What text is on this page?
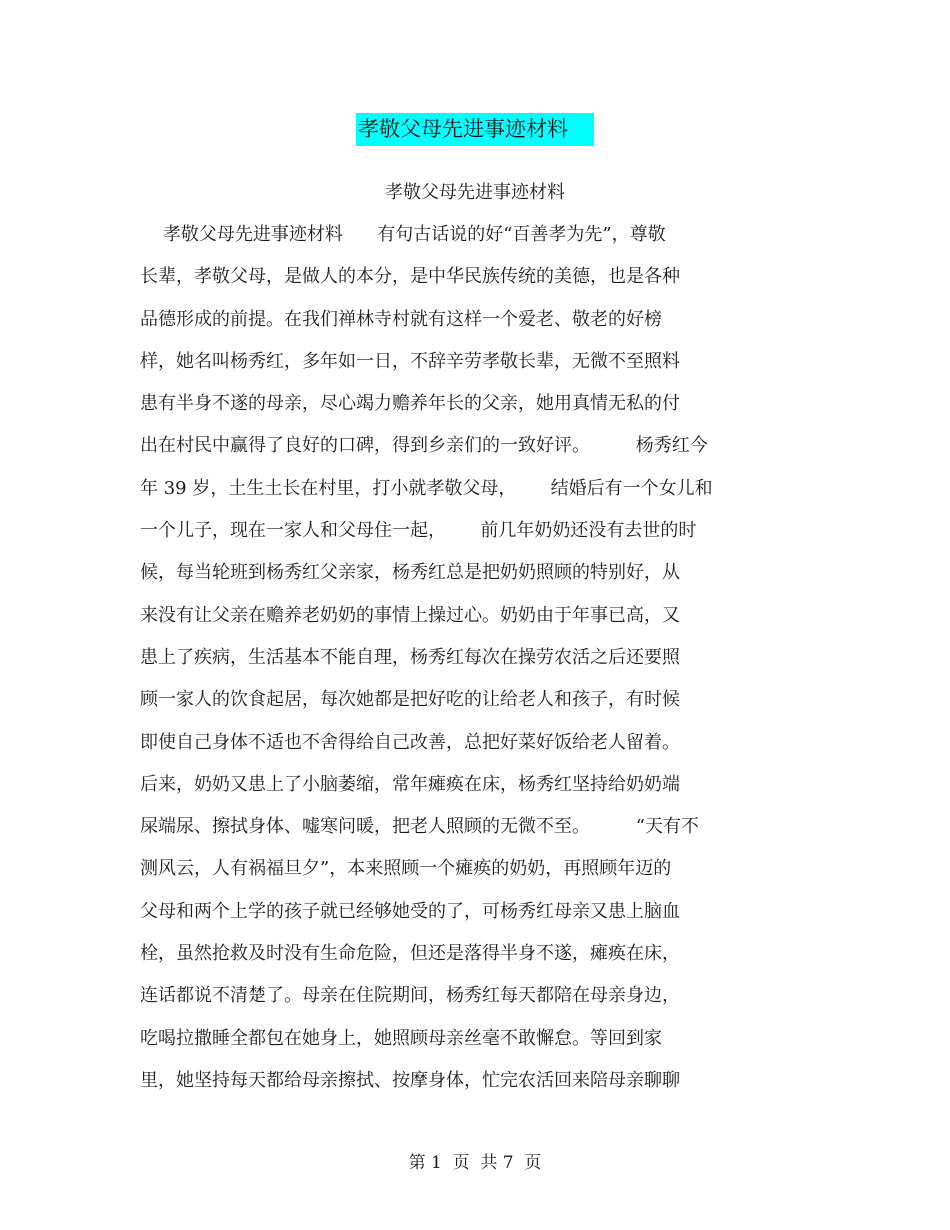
孝敬父母先进事迹材料
孝敬父母先进事迹材料
孝敬父母先进事迹材料      有句古话说的好“百善孝为先”，尊敬
长辈，孝敬父母，是做人的本分，是中华民族传统的美德，也是各种
品德形成的前提。在我们禅林寺村就有这样一个爱老、敬老的好榜
样，她名叫杨秀红，多年如一日，不辞辛劳孝敬长辈，无微不至照料
患有半身不遂的母亲，尽心竭力赡养年长的父亲，她用真情无私的付
出在村民中赢得了良好的口碑，得到乡亲们的一致好评。        杨秀红今
年 39 岁，土生土长在村里，打小就孝敬父母，      结婚后有一个女儿和
一个儿子，现在一家人和父母住一起，      前几年奶奶还没有去世的时
候，每当轮班到杨秀红父亲家，杨秀红总是把奶奶照顾的特别好，从
来没有让父亲在赡养老奶奶的事情上操过心。奶奶由于年事已高，又
患上了疾病，生活基本不能自理，杨秀红每次在操劳农活之后还要照
顾一家人的饮食起居，每次她都是把好吃的让给老人和孩子，有时候
即使自己身体不适也不舍得给自己改善，总把好菜好饭给老人留着。
后来，奶奶又患上了小脑萎缩，常年瘫痪在床，杨秀红坚持给奶奶端
屎端尿、擦拭身体、嘘寒问暖，把老人照顾的无微不至。        “天有不
测风云，人有祸福旦夕”，本来照顾一个瘫痪的奶奶，再照顾年迈的
父母和两个上学的孩子就已经够她受的了，可杨秀红母亲又患上脑血
栓，虽然抢救及时没有生命危险，但还是落得半身不遂，瘫痪在床，
连话都说不清楚了。母亲在住院期间，杨秀红每天都陪在母亲身边，
吃喝拉撒睡全都包在她身上，她照顾母亲丝毫不敢懈怠。等回到家
里，她坚持每天都给母亲擦拭、按摩身体，忙完农活回来陪母亲聊聊
第 1  页  共 7  页
